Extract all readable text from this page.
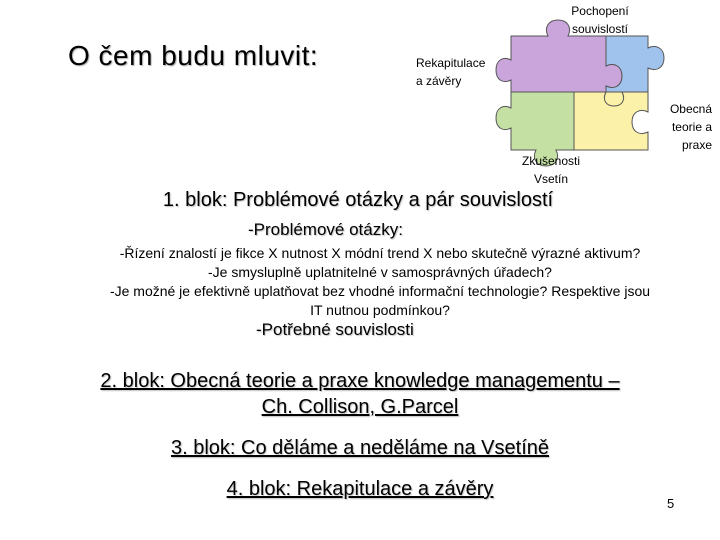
O čem budu mluvit:
Pochopení
souvislostí
Rekapitulace
a závěry
Obecná
teorie a
praxe
Zkušenosti
Vsetín
1. blok: Problémové otázky a pár souvislostí
-Problémové otázky:
-Řízení znalostí je fikce X nutnost X módní trend X nebo skutečně výrazné aktivum?
-Je smysluplně uplatnitelné v samosprávných úřadech?
-Je možné je efektivně uplatňovat bez vhodné informační technologie? Respektive jsou
IT nutnou podmínkou?
-Potřebné souvislosti
2. blok: Obecná teorie a praxe knowledge managementu –
Ch. Collison, G.Parcel
3. blok: Co děláme a neděláme na Vsetíně
4. blok: Rekapitulace a závěry
5
